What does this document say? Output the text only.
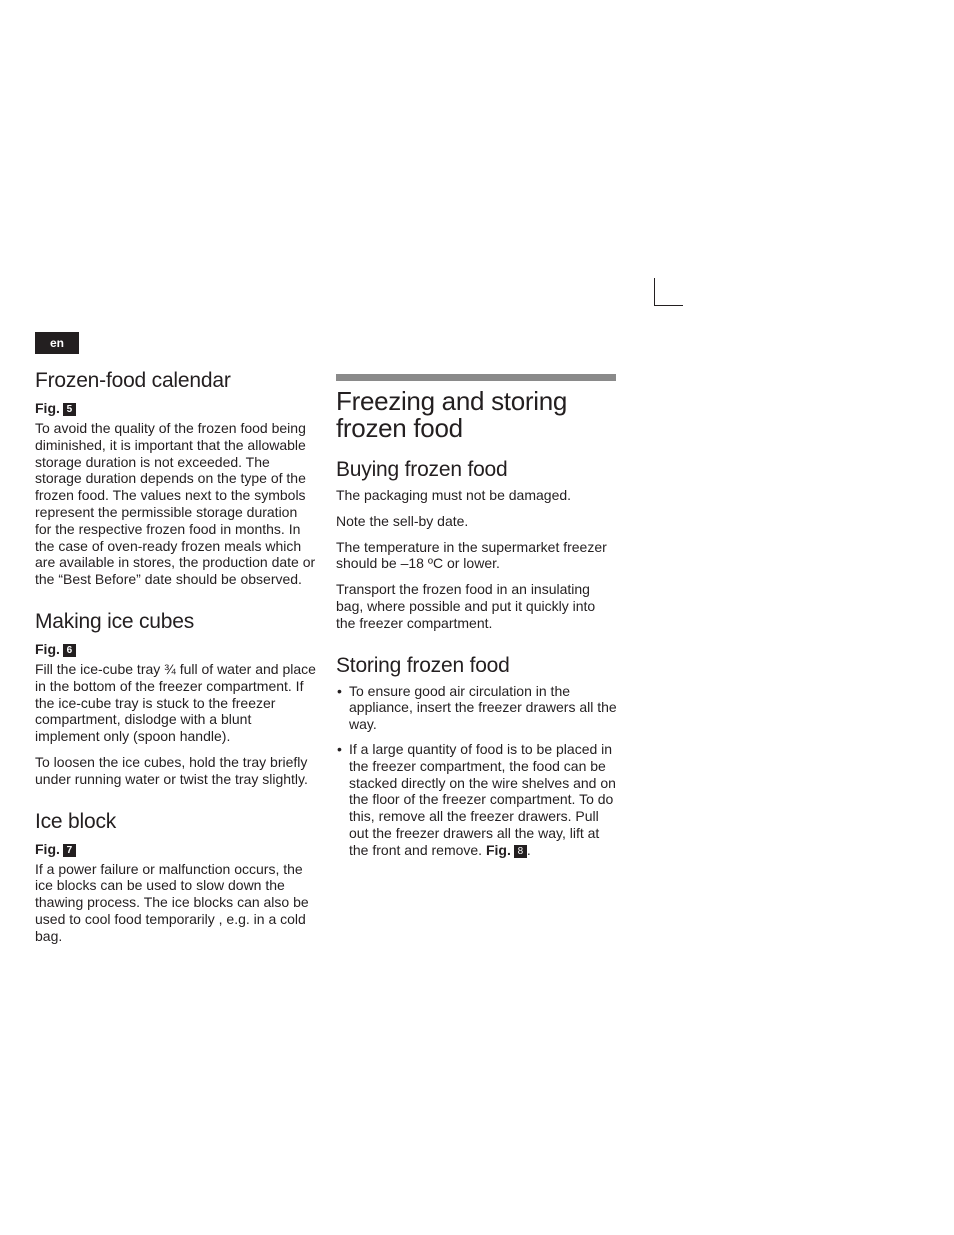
en
Frozen-food calendar
Fig. 5

To avoid the quality of the frozen food being diminished, it is important that the allowable storage duration is not exceeded. The storage duration depends on the type of the frozen food. The values next to the symbols represent the permissible storage duration for the respective frozen food in months. In the case of oven-ready frozen meals which are available in stores, the production date or the “Best Before” date should be observed.

Making ice cubes
Fig. 6

Fill the ice-cube tray ¾ full of water and place in the bottom of the freezer compartment. If the ice-cube tray is stuck to the freezer compartment, dislodge with a blunt implement only (spoon handle).

To loosen the ice cubes, hold the tray briefly under running water or twist the tray slightly.

Ice block
Fig. 7

If a power failure or malfunction occurs, the ice blocks can be used to slow down the thawing process. The ice blocks can also be used to cool food temporarily , e.g. in a cold bag.

Freezing and storing frozen food
Buying frozen food

The packaging must not be damaged.

Note the sell-by date.

The temperature in the supermarket freezer should be –18 ºC or lower.

Transport the frozen food in an insulating bag, where possible and put it quickly into the freezer compartment.

Storing frozen food
• To ensure good air circulation in the appliance, insert the freezer drawers all the way.
• If a large quantity of food is to be placed in the freezer compartment, the food can be stacked directly on the wire shelves and on the floor of the freezer compartment. To do this, remove all the freezer drawers. Pull out the freezer drawers all the way, lift at the front and remove. Fig. 8 .
